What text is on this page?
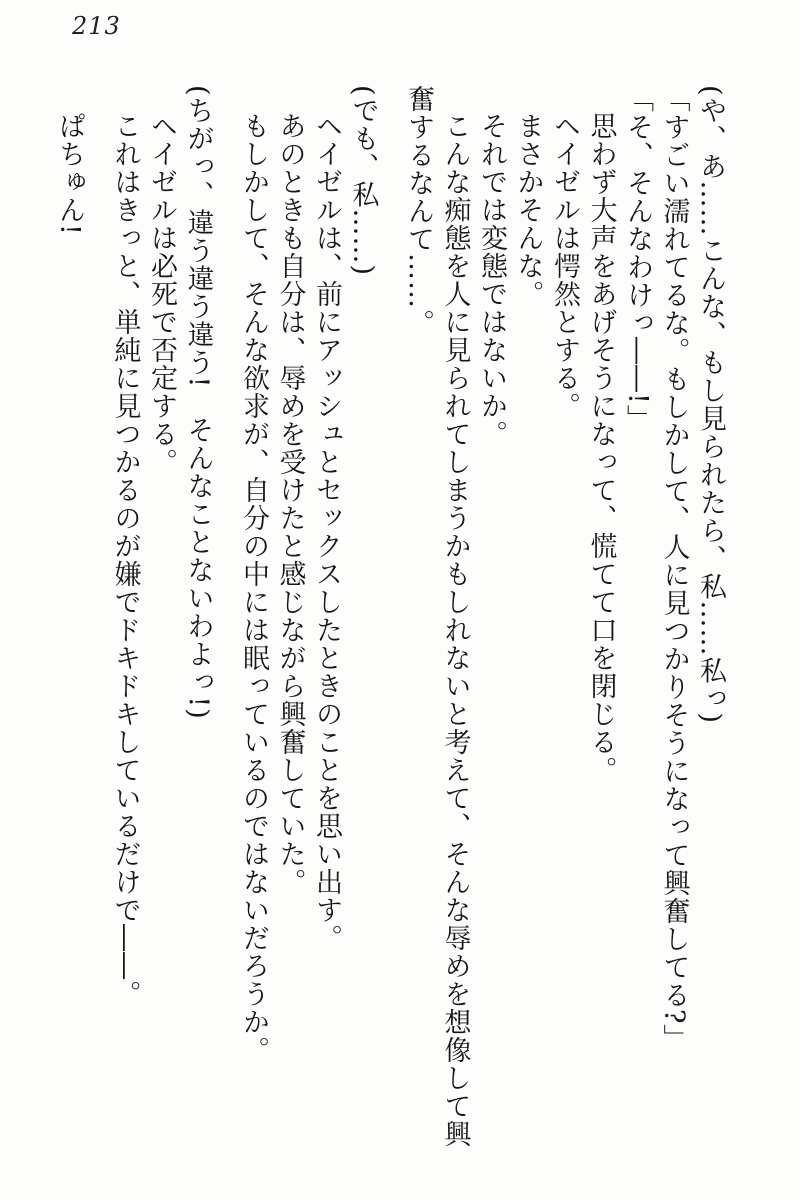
213
(や、あ……こんな、もし見られたら、私……私っ)
「すごい濡れてるな。もしかして、人に見つかりそうになって興奮してる?」
「そ、そんなわけっ――!」
思わず大声をあげそうになって、慌てて口を閉じる。
ヘイゼルは愕然とする。
まさかそんな。
それでは変態ではないか。
こんな痴態を人に見られてしまうかもしれないと考えて、そんな辱めを想像して興
奮するなんて……。
(でも、私……)
ヘイゼルは、前にアッシュとセックスしたときのことを思い出す。
あのときも自分は、辱めを受けたと感じながら興奮していた。
もしかして、そんな欲求が、自分の中には眠っているのではないだろうか。
(ちがっ、違う違う違う!　そんなことないわよっ!)
ヘイゼルは必死で否定する。
これはきっと、単純に見つかるのが嫌でドキドキしているだけで――。
ぱちゅん!
